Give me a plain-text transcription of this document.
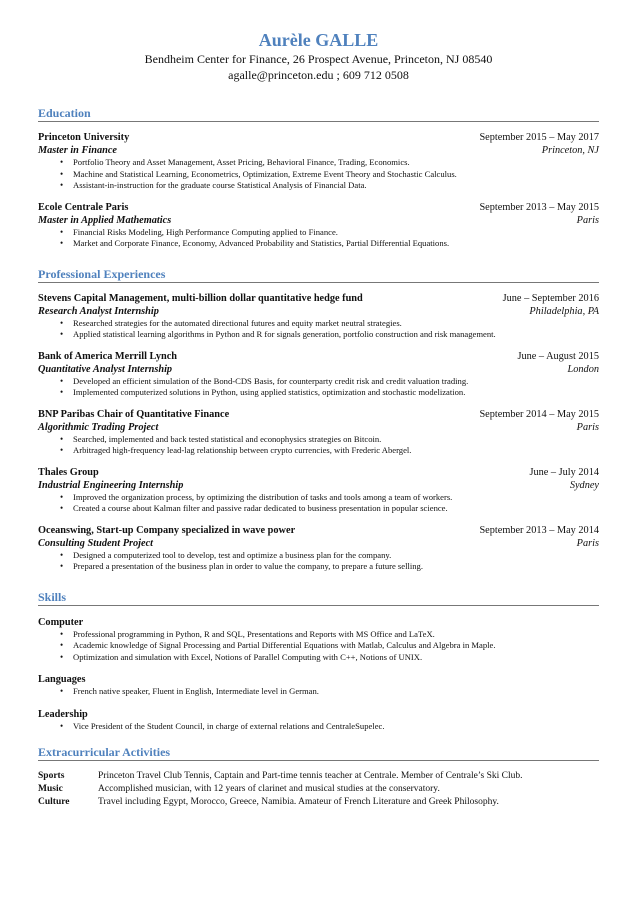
Aurèle GALLE
Bendheim Center for Finance, 26 Prospect Avenue, Princeton, NJ 08540
agalle@princeton.edu ; 609 712 0508
Education
Princeton University	September 2015 – May 2017
Master in Finance	Princeton, NJ
• Portfolio Theory and Asset Management, Asset Pricing, Behavioral Finance, Trading, Economics.
• Machine and Statistical Learning, Econometrics, Optimization, Extreme Event Theory and Stochastic Calculus.
• Assistant-in-instruction for the graduate course Statistical Analysis of Financial Data.
Ecole Centrale Paris	September 2013 – May 2015
Master in Applied Mathematics	Paris
• Financial Risks Modeling, High Performance Computing applied to Finance.
• Market and Corporate Finance, Economy, Advanced Probability and Statistics, Partial Differential Equations.
Professional Experiences
Stevens Capital Management, multi-billion dollar quantitative hedge fund	June – September 2016
Research Analyst Internship	Philadelphia, PA
• Researched strategies for the automated directional futures and equity market neutral strategies.
• Applied statistical learning algorithms in Python and R for signals generation, portfolio construction and risk management.
Bank of America Merrill Lynch	June – August 2015
Quantitative Analyst Internship	London
• Developed an efficient simulation of the Bond-CDS Basis, for counterparty credit risk and credit valuation trading.
• Implemented computerized solutions in Python, using applied statistics, optimization and stochastic modelization.
BNP Paribas Chair of Quantitative Finance	September 2014 – May 2015
Algorithmic Trading Project	Paris
• Searched, implemented and back tested statistical and econophysics strategies on Bitcoin.
• Arbitraged high-frequency lead-lag relationship between crypto currencies, with Frederic Abergel.
Thales Group	June – July 2014
Industrial Engineering Internship	Sydney
• Improved the organization process, by optimizing the distribution of tasks and tools among a team of workers.
• Created a course about Kalman filter and passive radar dedicated to business presentation in popular science.
Oceanswing, Start-up Company specialized in wave power	September 2013 – May 2014
Consulting Student Project	Paris
• Designed a computerized tool to develop, test and optimize a business plan for the company.
• Prepared a presentation of the business plan in order to value the company, to prepare a future selling.
Skills
Computer
• Professional programming in Python, R and SQL, Presentations and Reports with MS Office and LaTeX.
• Academic knowledge of Signal Processing and Partial Differential Equations with Matlab, Calculus and Algebra in Maple.
• Optimization and simulation with Excel, Notions of Parallel Computing with C++, Notions of UNIX.
Languages
• French native speaker, Fluent in English, Intermediate level in German.
Leadership
• Vice President of the Student Council, in charge of external relations and CentraleSupelec.
Extracurricular Activities
Sports	Princeton Travel Club Tennis, Captain and Part-time tennis teacher at Centrale. Member of Centrale’s Ski Club.
Music	Accomplished musician, with 12 years of clarinet and musical studies at the conservatory.
Culture	Travel including Egypt, Morocco, Greece, Namibia. Amateur of French Literature and Greek Philosophy.
